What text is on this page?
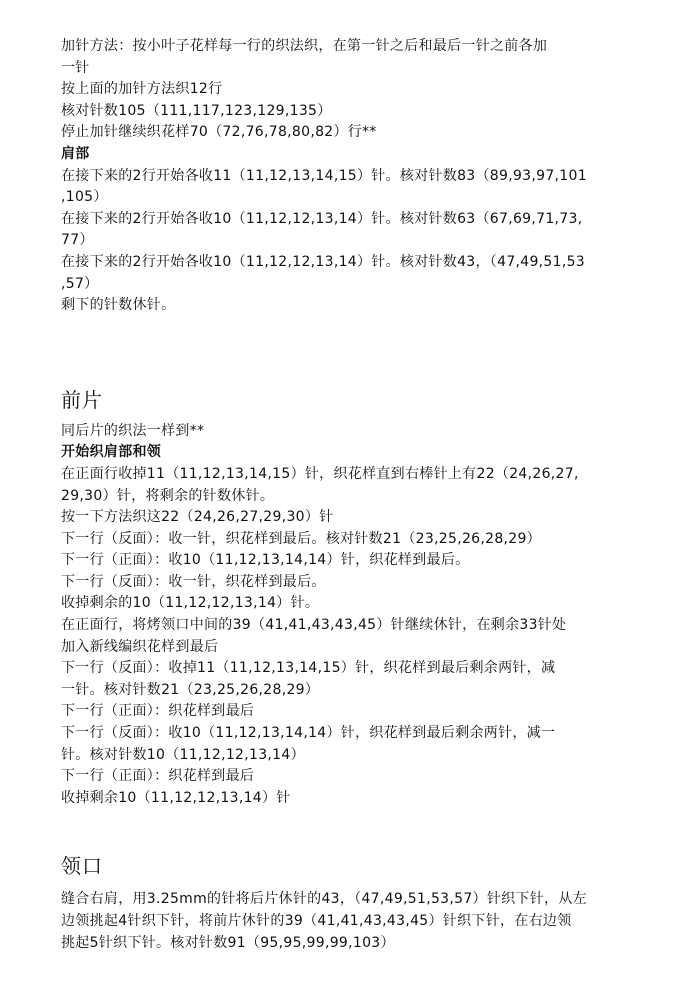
加针方法：按小叶子花样每一行的织法织，在第一针之后和最后一针之前各加
一针
按上面的加针方法织12行
核对针数105（111,117,123,129,135）
停止加针继续织花样70（72,76,78,80,82）行**
肩部
在接下来的2行开始各收11（11,12,13,14,15）针。核对针数83（89,93,97,101
,105）
在接下来的2行开始各收10（11,12,12,13,14）针。核对针数63（67,69,71,73,
77）
在接下来的2行开始各收10（11,12,12,13,14）针。核对针数43，（47,49,51,53
,57）
剩下的针数休针。
前片
同后片的织法一样到**
开始织肩部和领
在正面行收掉11（11,12,13,14,15）针，织花样直到右棒针上有22（24,26,27,
29,30）针，将剩余的针数休针。
按一下方法织这22（24,26,27,29,30）针
下一行（反面）：收一针，织花样到最后。核对针数21（23,25,26,28,29）
下一行（正面）：收10（11,12,13,14,14）针，织花样到最后。
下一行（反面）：收一针，织花样到最后。
收掉剩余的10（11,12,12,13,14）针。
在正面行，将烤领口中间的39（41,41,43,43,45）针继续休针，在剩余33针处
加入新线编织花样到最后
下一行（反面）：收掉11（11,12,13,14,15）针，织花样到最后剩余两针，减
一针。核对针数21（23,25,26,28,29）
下一行（正面）：织花样到最后
下一行（反面）：收10（11,12,13,14,14）针，织花样到最后剩余两针，减一
针。核对针数10（11,12,12,13,14）
下一行（正面）：织花样到最后
收掉剩余10（11,12,12,13,14）针
领口
缝合右肩，用3.25mm的针将后片休针的43，（47,49,51,53,57）针织下针，从左
边领挑起4针织下针，将前片休针的39（41,41,43,43,45）针织下针，在右边领
挑起5针织下针。核对针数91（95,95,99,99,103）
